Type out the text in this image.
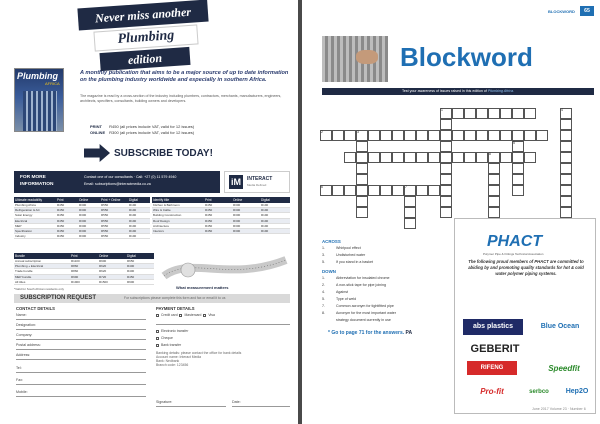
Never miss another
Plumbing
edition
Plumbing
AFRICA
A monthly publication that aims to be a major source of up to date information on the plumbing industry worldwide and especially in southern Africa.
The magazine is read by a cross-section of the industry including plumbers, contractors, merchants, manufacturers, engineers, architects, specifiers, consultants, building owners and developers.
PRINT R450 (all prices include VAT, valid for 12 issues)
ONLINE R300 (all prices include VAT, valid for 12 issues)
SUBSCRIBE TODAY!
FOR MORE INFORMATION
Contact one of our consultants · Call: +27 (0) 11 579 4940
Email: subscriptions@interactmedia.co.za	iM	INTERACT
Media Defined
Ultimate readability	Print	Online	Print + Online	Digital
Plumbing Africa	R450	R300	R550	R190
Refrigeration & AC	R450	R300	R550	R190
Solar Energy	R450	R300	R550	R190
Electrical	R450	R300	R550	R190
MEP	R450	R300	R550	R190
Specification	R450	R300	R550	R190
Industry	R450	R300	R550	R190
Identify title	Print	Online	Digital
Kitchen & Bathroom	R450	R300	R190
Wire & Cable	R450	R300	R190
Building Construction	R450	R300	R190
Roof Design	R450	R300	R190
Architecture	R450	R300	R190
Interiors	R450	R300	R190
Bundle	Print	Online	Digital
Annual subscription	R1100	R900	R650
Plumbing + Electrical	R860	R620	R400
Trade bundle	R860	R620	R400
MEP bundle	R990	R720	R450
All titles	R1900	R1500	R900
What measurement matters
*Valid for South African residents only
SUBSCRIPTION REQUEST	For subscriptions please complete this form and fax or email it to us
CONTACT DETAILS
Name:
Designation:
Company:
Postal address:
Address:
Tel:
Fax:
Mobile:
PAYMENT DETAILS
Credit card Mastercard Visa
Electronic transfer
Cheque
Bank transfer
Banking details: please contact the office for bank details
Account name: Interact Media
Bank: Nedbank
Branch code: 123456
Signature:	Date:
BLOCKWORD	65
Blockword
Test your awareness of issues raised in this edition of Plumbing Africa.
1	4
2	3
5
6	7
8
ACROSS
1.	Whirlpool effect
3.	Undisturbed water
5.	If you stand in a basket
DOWN
1.	Abbreviation for insulated chrome
2.	A non-stick tape for pipe joining
4.	Against
5.	Type of weld
7.	Common acronym for tightfitted pipe
8.	Acronym for the most important water
strategy document currently in use
* Go to page 71 for the answers. PA
PHACT
Polymer Pipe & Fittings Technical Association
The following proud members of PHACT are committed to abiding by and promoting quality standards for hot & cold water polymer piping systems.
abs plastics	Blue Ocean
GEBERIT
RIFENG	Speedfit
Pro-fit	serbco	Hep2O
June 2017 Volume 23 · Number 6
